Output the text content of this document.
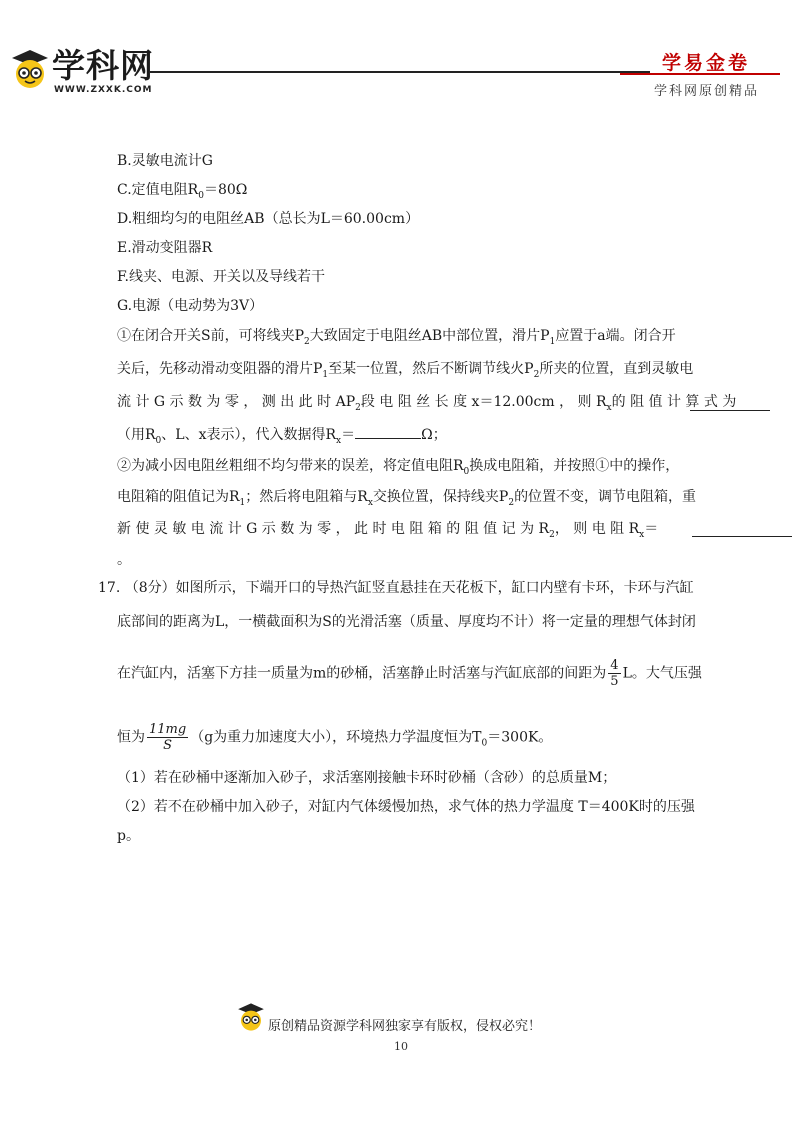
学科网
WWW.ZXXK.COM
学易金卷
学科网原创精品
B.灵敏电流计G
C.定值电阻$R_0=80\Omega$
D.粗细均匀的电阻丝AB（总长为L＝60.00cm）
E.滑动变阻器R
F.线夹、电源、开关以及导线若干
G.电源（电动势为3V）
①在闭合开关S前，可将线夹$P_2$大致固定于电阻丝AB中部位置，滑片$P_1$应置于a端。闭合开
关后，先移动滑动变阻器的滑片$P_1$至某一位置，然后不断调节线火$P_2$所夹的位置，直到灵敏电
流 计 G 示 数 为 零 ， 测 出 此 时 $AP_2$段 电 阻 丝 长 度 x＝12.00cm ， 则 $R_x$的 阻 值 计 算 式 为
（用$R_0$、L、x表示），代入数据得$R_x=$	Ω；
②为减小因电阻丝粗细不均匀带来的误差，将定值电阻$R_0$换成电阻箱，并按照①中的操作，
电阻箱的阻值记为$R_1$；然后将电阻箱与$R_x$交换位置，保持线夹$P_2$的位置不变，调节电阻箱，重
新 使 灵 敏 电 流 计 G 示 数 为 零 ， 此 时 电 阻 箱 的 阻 值 记 为 $R_2$， 则 电 阻 $R_x=$
。
17. （8分）如图所示，下端开口的导热汽缸竖直悬挂在天花板下，缸口内壁有卡环，卡环与汽缸
底部间的距离为L，一横截面积为S的光滑活塞（质量、厚度均不计）将一定量的理想气体封闭
在汽缸内，活塞下方挂一质量为m的砂桶，活塞静止时活塞与汽缸底部的间距为 $\frac{4}{5}$ L。大气压强
恒为 $\frac{11mg}{S} (g$为重力加速度大小），环境热力学温度恒为$T_0=300K$。
（1）若在砂桶中逐渐加入砂子，求活塞刚接触卡环时砂桶（含砂）的总质量M；
（2）若不在砂桶中加入砂子，对缸内气体缓慢加热，求气体的热力学温度 T＝400K时的压强
p。
原创精品资源学科网独家享有版权，侵权必究！
10
